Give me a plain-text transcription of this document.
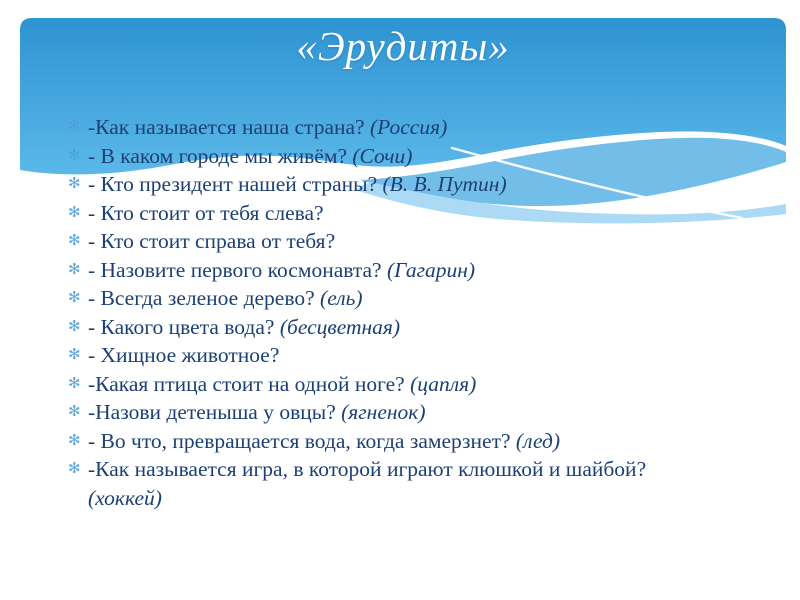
«Эрудиты»
✻ -Как называется наша страна? (Россия)
✻ - В каком городе мы живём? (Сочи)
✻ - Кто президент нашей страны? (В. В. Путин)
✻ - Кто стоит от тебя слева?
✻ - Кто стоит справа от тебя?
✻ - Назовите первого космонавта? (Гагарин)
✻ - Всегда зеленое дерево? (ель)
✻ - Какого цвета вода? (бесцветная)
✻ - Хищное животное?
✻ -Какая птица стоит на одной ноге? (цапля)
✻ -Назови детеныша у овцы? (ягненок)
✻ - Во что, превращается вода, когда замерзнет? (лед)
✻ -Как называется игра, в которой играют клюшкой и шайбой? (хоккей)
